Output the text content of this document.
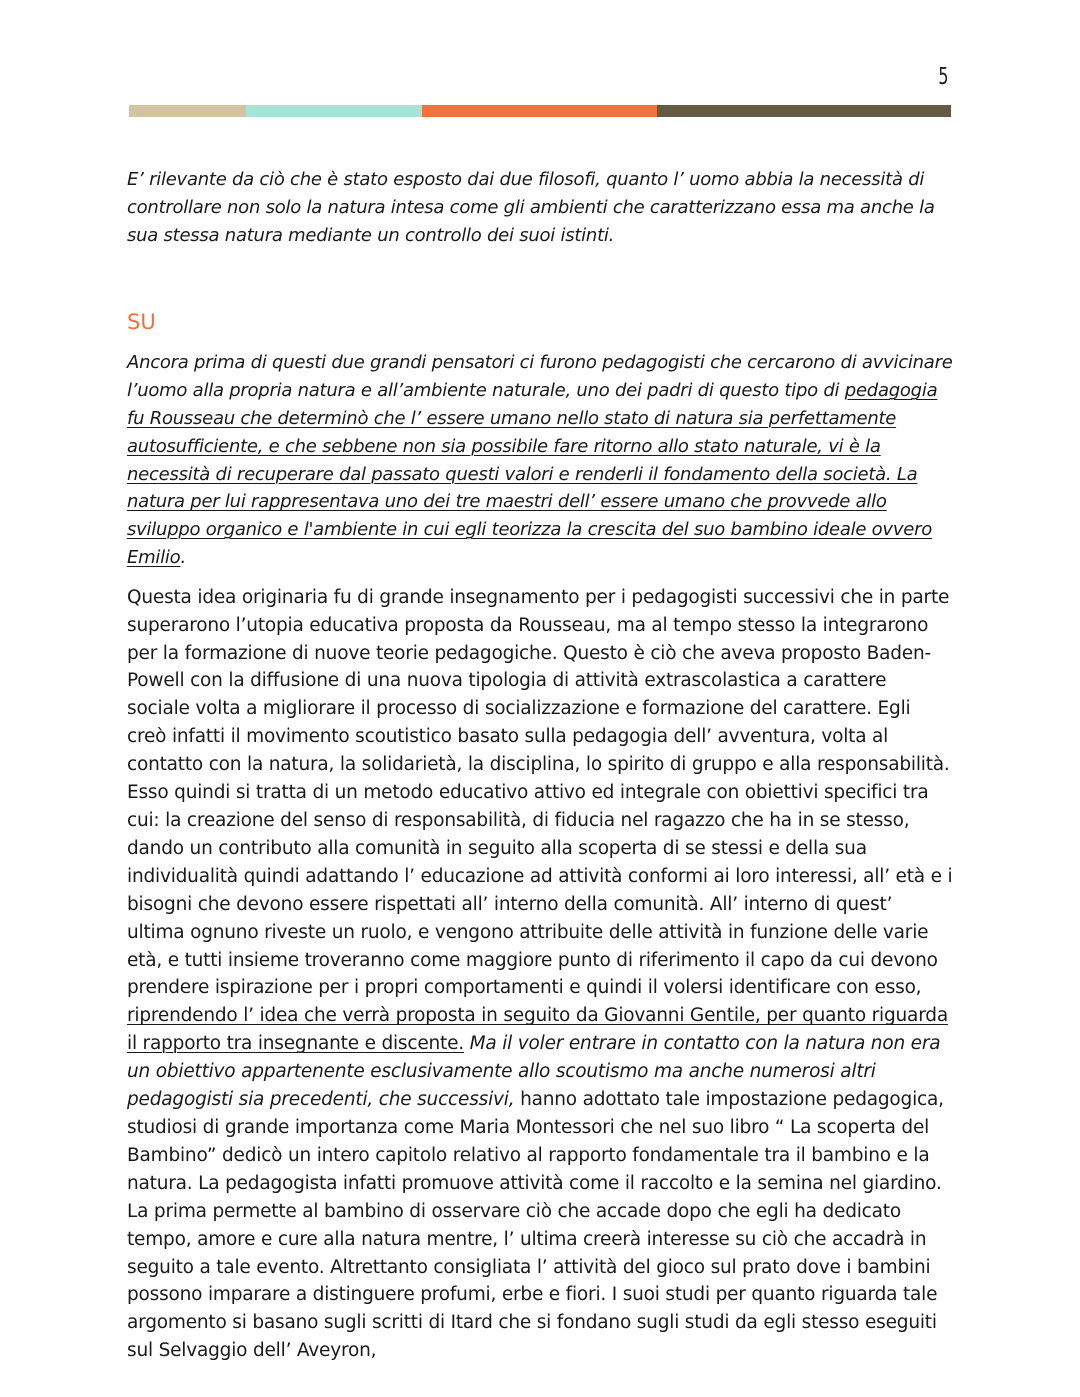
5

E’ rilevante da ciò che è stato esposto dai due filosofi, quanto l’ uomo abbia la necessità di controllare non solo la natura intesa come gli ambienti che caratterizzano essa ma anche la sua stessa natura mediante un controllo dei suoi istinti.

SU

Ancora prima di questi due grandi pensatori ci furono pedagogisti che cercarono di avvicinare l’uomo alla propria natura e all’ambiente naturale, uno dei padri di questo tipo di pedagogia fu Rousseau che determinò che l’ essere umano nello stato di natura sia perfettamente autosufficiente, e che sebbene non sia possibile fare ritorno allo stato naturale, vi è la necessità di recuperare dal passato questi valori e renderli il fondamento della società. La natura per lui rappresentava uno dei tre maestri dell’ essere umano che provvede allo sviluppo organico e l'ambiente in cui egli teorizza la crescita del suo bambino ideale ovvero Emilio.

Questa idea originaria fu di grande insegnamento per i pedagogisti successivi che in parte superarono l’utopia educativa proposta da Rousseau, ma al tempo stesso la integrarono per la formazione di nuove teorie pedagogiche. Questo è ciò che aveva proposto Baden-Powell con la diffusione di una nuova tipologia di attività extrascolastica a carattere sociale volta a migliorare il processo di socializzazione e formazione del carattere. Egli creò infatti il movimento scoutistico basato sulla pedagogia dell’ avventura, volta al contatto con la natura, la solidarietà, la disciplina, lo spirito di gruppo e alla responsabilità. Esso quindi si tratta di un metodo educativo attivo ed integrale con obiettivi specifici tra cui: la creazione del senso di responsabilità, di fiducia nel ragazzo che ha in se stesso, dando un contributo alla comunità in seguito alla scoperta di se stessi e della sua individualità quindi adattando l’ educazione ad attività conformi ai loro interessi, all’ età e i bisogni che devono essere rispettati all’ interno della comunità. All’ interno di quest’ ultima ognuno riveste un ruolo, e vengono attribuite delle attività in funzione delle varie età, e tutti insieme troveranno come maggiore punto di riferimento il capo da cui devono prendere ispirazione per i propri comportamenti e quindi il volersi identificare con esso, riprendendo l’ idea che verrà proposta in seguito da Giovanni Gentile, per quanto riguarda il rapporto tra insegnante e discente. Ma il voler entrare in contatto con la natura non era un obiettivo appartenente esclusivamente allo scoutismo ma anche numerosi altri pedagogisti sia precedenti, che successivi, hanno adottato tale impostazione pedagogica, studiosi di grande importanza come Maria Montessori che nel suo libro “ La scoperta del Bambino” dedicò un intero capitolo relativo al rapporto fondamentale tra il bambino e la natura. La pedagogista infatti promuove attività come il raccolto e la semina nel giardino. La prima permette al bambino di osservare ciò che accade dopo che egli ha dedicato tempo, amore e cure alla natura mentre, l’ ultima creerà interesse su ciò che accadrà in seguito a tale evento. Altrettanto consigliata l’ attività del gioco sul prato dove i bambini possono imparare a distinguere profumi, erbe e fiori. I suoi studi per quanto riguarda tale argomento si basano sugli scritti di Itard che si fondano sugli studi da egli stesso eseguiti sul Selvaggio dell’ Aveyron,
